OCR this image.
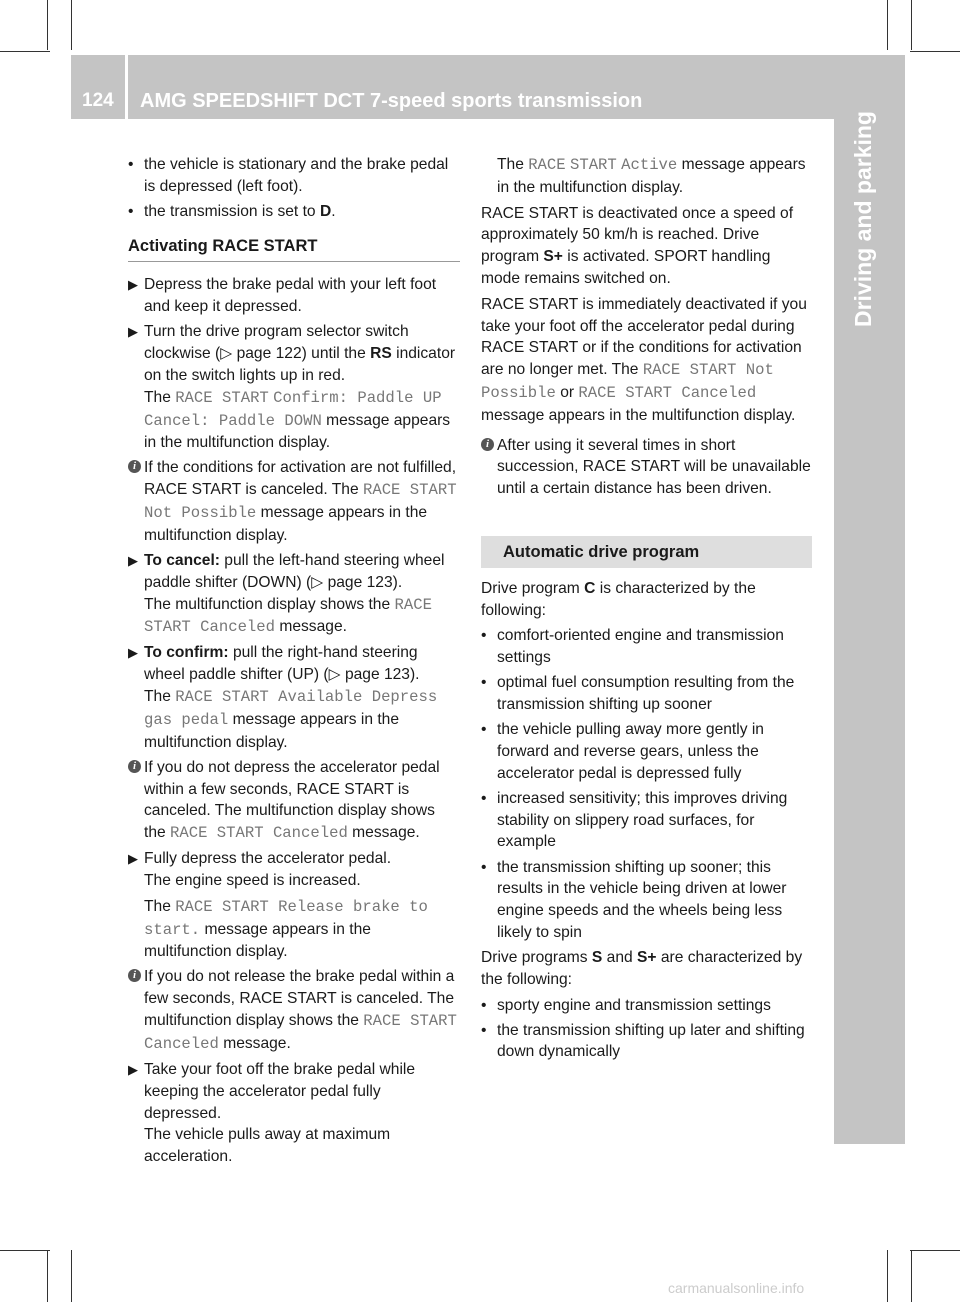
124 AMG SPEEDSHIFT DCT 7-speed sports transmission
Driving and parking
• the vehicle is stationary and the brake pedal is depressed (left foot).
• the transmission is set to D.
Activating RACE START
▶ Depress the brake pedal with your left foot and keep it depressed.
▶ Turn the drive program selector switch clockwise (▷ page 122) until the RS indicator on the switch lights up in red.
The RACE START Confirm: Paddle UP Cancel: Paddle DOWN message appears in the multifunction display.
i If the conditions for activation are not fulfilled, RACE START is canceled. The RACE START Not Possible message appears in the multifunction display.
▶ To cancel: pull the left-hand steering wheel paddle shifter (DOWN) (▷ page 123).
The multifunction display shows the RACE START Canceled message.
▶ To confirm: pull the right-hand steering wheel paddle shifter (UP) (▷ page 123).
The RACE START Available Depress gas pedal message appears in the multifunction display.
i If you do not depress the accelerator pedal within a few seconds, RACE START is canceled. The multifunction display shows the RACE START Canceled message.
▶ Fully depress the accelerator pedal.
The engine speed is increased.
The RACE START Release brake to start. message appears in the multifunction display.
i If you do not release the brake pedal within a few seconds, RACE START is canceled. The multifunction display shows the RACE START Canceled message.
▶ Take your foot off the brake pedal while keeping the accelerator pedal fully depressed.
The vehicle pulls away at maximum acceleration.
The RACE START Active message appears in the multifunction display.

RACE START is deactivated once a speed of approximately 50 km/h is reached. Drive program S+ is activated. SPORT handling mode remains switched on.

RACE START is immediately deactivated if you take your foot off the accelerator pedal during RACE START or if the conditions for activation are no longer met. The RACE START Not Possible or RACE START Canceled message appears in the multifunction display.

i After using it several times in short succession, RACE START will be unavailable until a certain distance has been driven.
Automatic drive program

Drive program C is characterized by the following:

• comfort-oriented engine and transmission settings
• optimal fuel consumption resulting from the transmission shifting up sooner
• the vehicle pulling away more gently in forward and reverse gears, unless the accelerator pedal is depressed fully
• increased sensitivity; this improves driving stability on slippery road surfaces, for example
• the transmission shifting up sooner; this results in the vehicle being driven at lower engine speeds and the wheels being less likely to spin

Drive programs S and S+ are characterized by the following:

• sporty engine and transmission settings
• the transmission shifting up later and shifting down dynamically
carmanualsonline.info
